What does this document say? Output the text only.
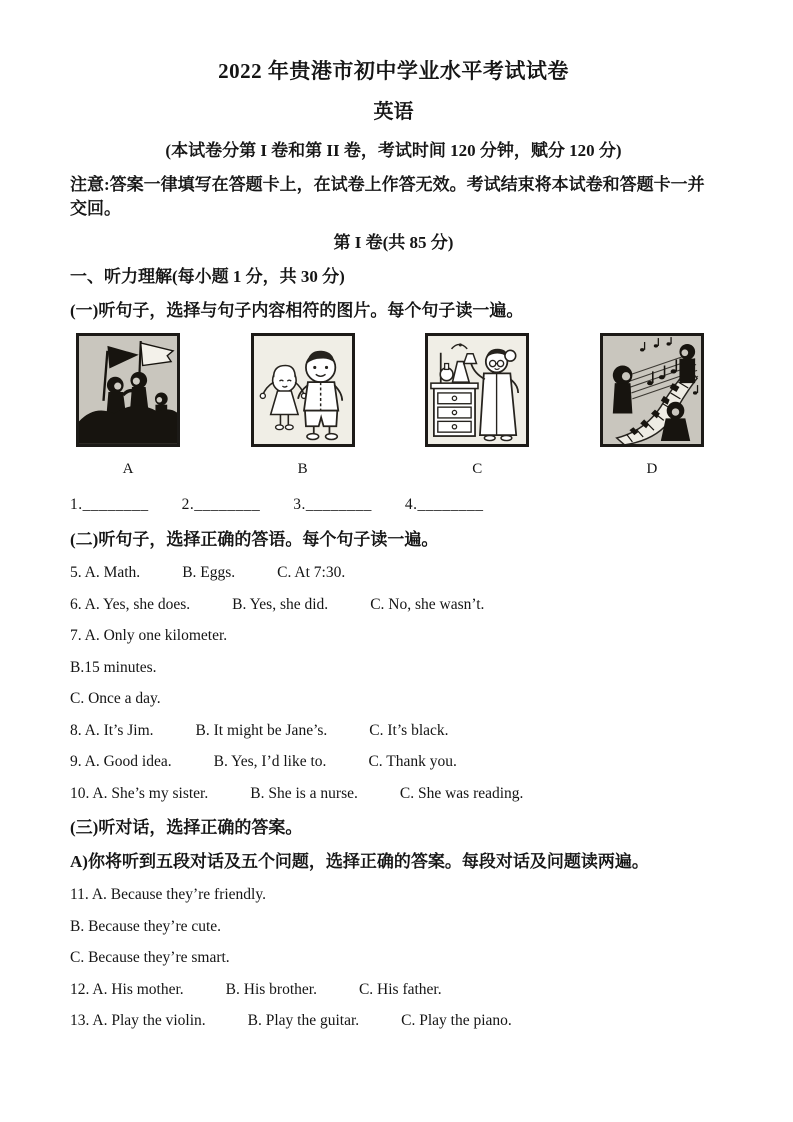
2022 年贵港市初中学业水平考试试卷
英语

(本试卷分第 I 卷和第 II 卷，考试时间 120 分钟，赋分 120 分)

注意:答案一律填写在答题卡上，在试卷上作答无效。考试结束将本试卷和答题卡一并交回。

第 I 卷(共 85 分)

一、听力理解(每小题 1 分，共 30 分)

(一)听句子，选择与句子内容相符的图片。每个句子读一遍。

A	B	C	D

1.________ 2.________ 3.________ 4.________

(二)听句子，选择正确的答语。每个句子读一遍。

5. A. Math.	B. Eggs.	C. At 7:30.

6. A. Yes, she does.	B. Yes, she did.	C. No, she wasn’t.

7. A. Only one kilometer.

B.15 minutes.

C. Once a day.

8. A. It’s Jim.	B. It might be Jane’s.	C. It’s black.

9. A. Good idea.	B. Yes, I’d like to.	C. Thank you.

10. A. She’s my sister.	B. She is a nurse.	C. She was reading.

(三)听对话，选择正确的答案。

A)你将听到五段对话及五个问题，选择正确的答案。每段对话及问题读两遍。

11. A. Because they’re friendly.

B. Because they’re cute.

C. Because they’re smart.

12. A. His mother.	B. His brother.	C. His father.

13. A. Play the violin.	B. Play the guitar.	C. Play the piano.
